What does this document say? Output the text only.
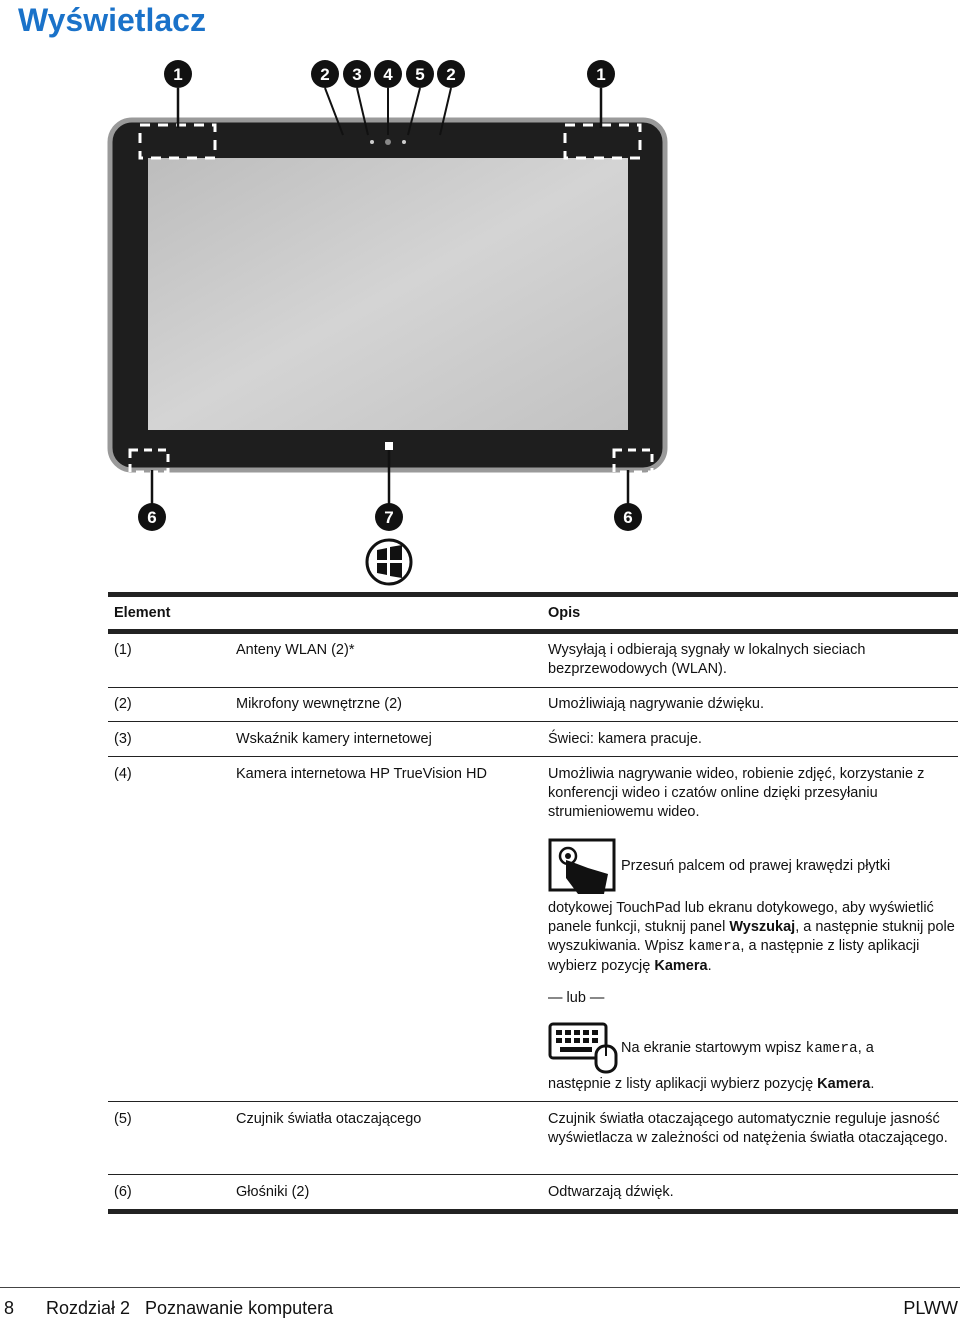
Wyświetlacz
1	2 3 4 5 2	1
6	7	6
Element	Opis
(1)	Anteny WLAN (2)*	Wysyłają i odbierają sygnały w lokalnych sieciach bezprzewodowych (WLAN).
(2)	Mikrofony wewnętrzne (2)	Umożliwiają nagrywanie dźwięku.
(3)	Wskaźnik kamery internetowej	Świeci: kamera pracuje.
(4)	Kamera internetowa HP TrueVision HD	Umożliwia nagrywanie wideo, robienie zdjęć, korzystanie z konferencji wideo i czatów online dzięki przesyłaniu strumieniowemu wideo.
Przesuń palcem od prawej krawędzi płytki
dotykowej TouchPad lub ekranu dotykowego, aby wyświetlić panele funkcji, stuknij panel Wyszukaj, a następnie stuknij pole wyszukiwania. Wpisz kamera, a następnie z listy aplikacji wybierz pozycję Kamera.
— lub —
Na ekranie startowym wpisz kamera, a
następnie z listy aplikacji wybierz pozycję Kamera.
(5)	Czujnik światła otaczającego	Czujnik światła otaczającego automatycznie reguluje jasność wyświetlacza w zależności od natężenia światła otaczającego.
(6)	Głośniki (2)	Odtwarzają dźwięk.
8 Rozdział 2   Poznawanie komputera	PLWW
